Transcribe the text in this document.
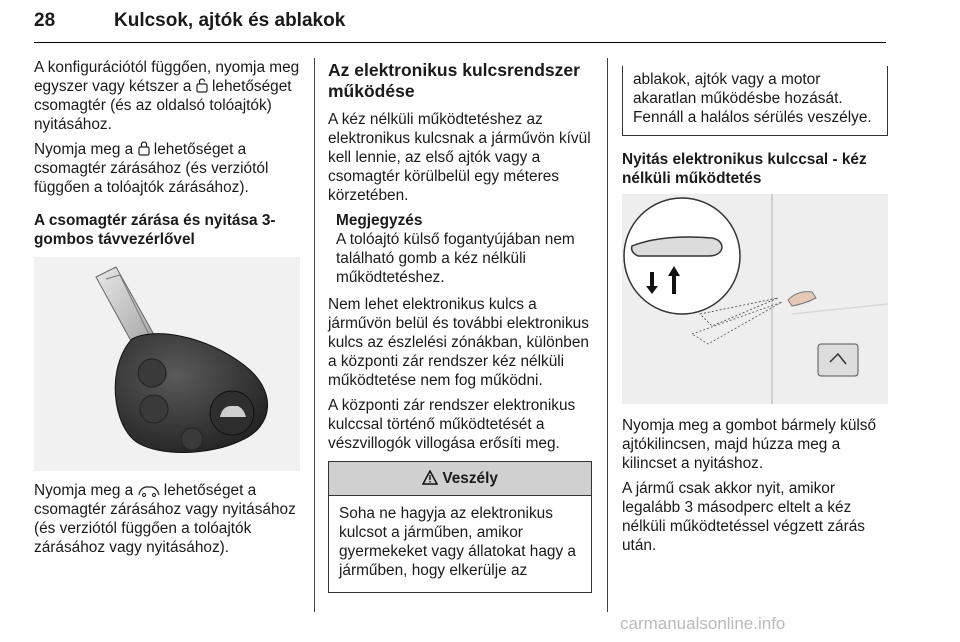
28	Kulcsok, ajtók és ablakok

A konfigurációtól függően, nyomja meg egyszer vagy kétszer a lehetőséget csomagtér (és az oldalsó tolóajtók) nyitásához.

Nyomja meg a lehetőséget a csomagtér zárásához (és verziótól függően a tolóajtók zárásához).

A csomagtér zárása és nyitása 3-gombos távvezérlővel

Nyomja meg a lehetőséget a csomagtér zárásához vagy nyitásához (és verziótól függően a tolóajtók zárásához vagy nyitásához).

Az elektronikus kulcsrendszer működése

A kéz nélküli működtetéshez az elektronikus kulcsnak a járművön kívül kell lennie, az első ajtók vagy a csomagtér körülbelül egy méteres körzetében.

Megjegyzés
A tolóajtó külső fogantyújában nem található gomb a kéz nélküli működtetéshez.

Nem lehet elektronikus kulcs a járművön belül és további elektronikus kulcs az észlelési zónákban, különben a központi zár rendszer kéz nélküli működtetése nem fog működni.

A központi zár rendszer elektronikus kulccsal történő működtetését a vészvillogók villogása erősíti meg.

Veszély
Soha ne hagyja az elektronikus kulcsot a járműben, amikor gyermekeket vagy állatokat hagy a járműben, hogy elkerülje az
ablakok, ajtók vagy a motor akaratlan működésbe hozását. Fennáll a halálos sérülés veszélye.
Nyitás elektronikus kulccsal - kéz nélküli működtetés

Nyomja meg a gombot bármely külső ajtókilincsen, majd húzza meg a kilincset a nyitáshoz.

A jármű csak akkor nyit, amikor legalább 3 másodperc eltelt a kéz nélküli működtetéssel végzett zárás után.

carmanualsonline.info
